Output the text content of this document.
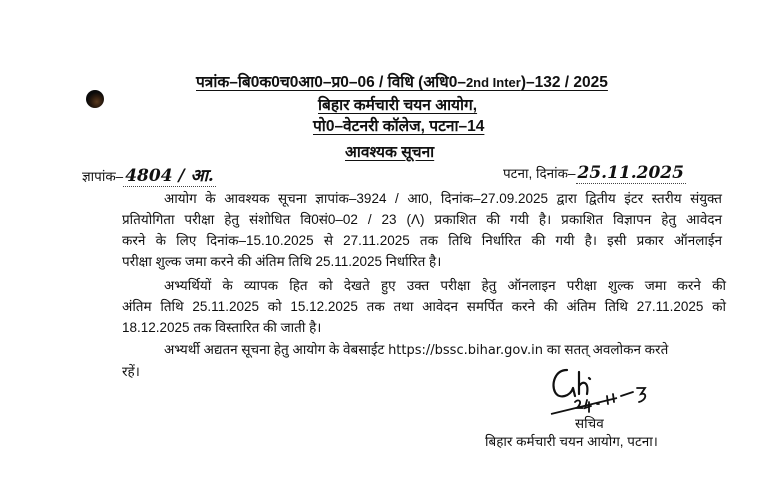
पत्रांक–बि0क0च0आ0–प्र0–06 / विधि (अधि0–2nd Inter)–132 / 2025
बिहार कर्मचारी चयन आयोग,
पो0–वेटनरी कॉलेज, पटना–14
आवश्यक सूचना
ज्ञापांक– 4804 / आ.	पटना, दिनांक– 25.11.2025
आयोग के आवश्यक सूचना ज्ञापांक–3924 / आ0, दिनांक–27.09.2025 द्वारा द्वितीय इंटर स्तरीय संयुक्त
प्रतियोगिता परीक्षा हेतु संशोधित वि0सं0–02 / 23 (Λ) प्रकाशित की गयी है। प्रकाशित विज्ञापन हेतु आवेदन
करने के लिए दिनांक–15.10.2025 से 27.11.2025 तक तिथि निर्धारित की गयी है। इसी प्रकार ऑनलाईन
परीक्षा शुल्क जमा करने की अंतिम तिथि 25.11.2025 निर्धारित है।
अभ्यर्थियों के व्यापक हित को देखते हुए उक्त परीक्षा हेतु ऑनलाइन परीक्षा शुल्क जमा करने की
अंतिम तिथि 25.11.2025 को 15.12.2025 तक तथा आवेदन समर्पित करने की अंतिम तिथि 27.11.2025 को
18.12.2025 तक विस्तारित की जाती है।
अभ्यर्थी अद्यतन सूचना हेतु आयोग के वेबसाईट https://bssc.bihar.gov.in का सतत् अवलोकन करते
रहें।
सचिव
बिहार कर्मचारी चयन आयोग, पटना।
